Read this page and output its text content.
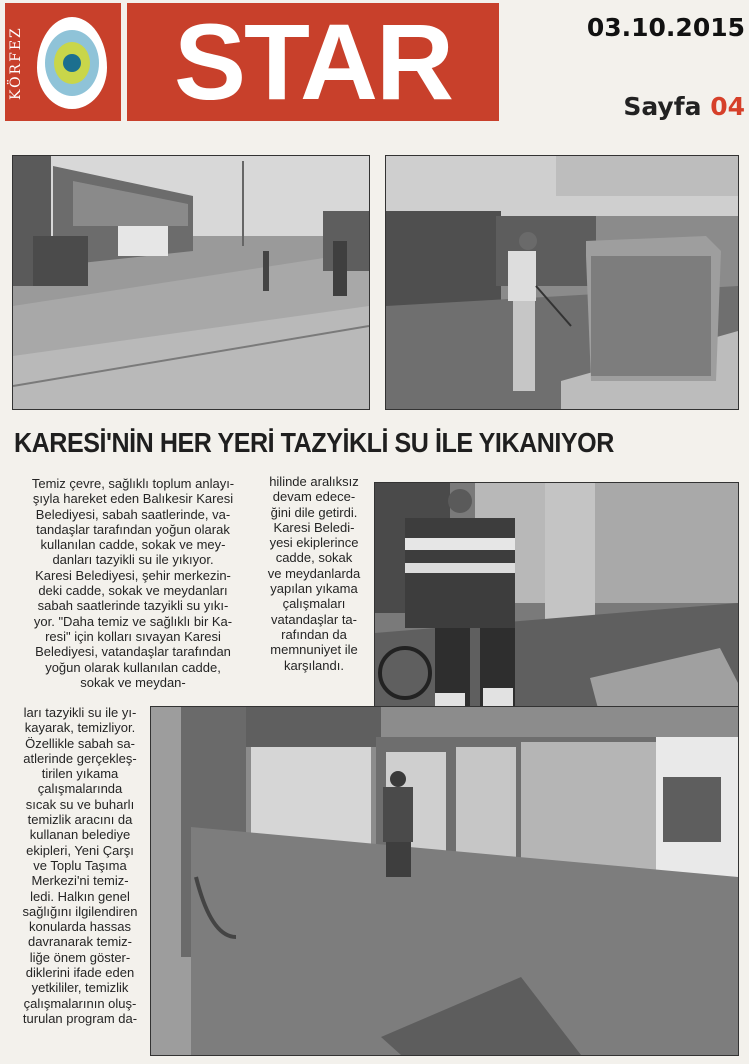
KÖRFEZ	STAR	03.10.2015
Sayfa 04
KARESİ'NİN HER YERİ TAZYİKLİ SU İLE YIKANIYOR
Temiz çevre, sağlıklı toplum anlayı-
şıyla hareket eden Balıkesir Karesi
Belediyesi, sabah saatlerinde, va-
tandaşlar tarafından yoğun olarak
kullanılan cadde, sokak ve mey-
danları tazyikli su ile yıkıyor.
Karesi Belediyesi, şehir merkezin-
deki cadde, sokak ve meydanları
sabah saatlerinde tazyikli su yıkı-
yor. "Daha temiz ve sağlıklı bir Ka-
resi" için kolları sıvayan Karesi
Belediyesi, vatandaşlar tarafından
yoğun olarak kullanılan cadde,
sokak ve meydan-
ları tazyikli su ile yı-
kayarak, temizliyor.
Özellikle sabah sa-
atlerinde gerçekleş-
tirilen yıkama
çalışmalarında
sıcak su ve buharlı
temizlik aracını da
kullanan belediye
ekipleri, Yeni Çarşı
ve Toplu Taşıma
Merkezi'ni temiz-
ledi. Halkın genel
sağlığını ilgilendiren
konularda hassas
davranarak temiz-
liğe önem göster-
diklerini ifade eden
yetkililer, temizlik
çalışmalarının oluş-
turulan program da-
hilinde aralıksız
devam edece-
ğini dile getirdi.
Karesi Beledi-
yesi ekiplerince
cadde, sokak
ve meydanlarda
yapılan yıkama
çalışmaları
vatandaşlar ta-
rafından da
memnuniyet ile
karşılandı.
